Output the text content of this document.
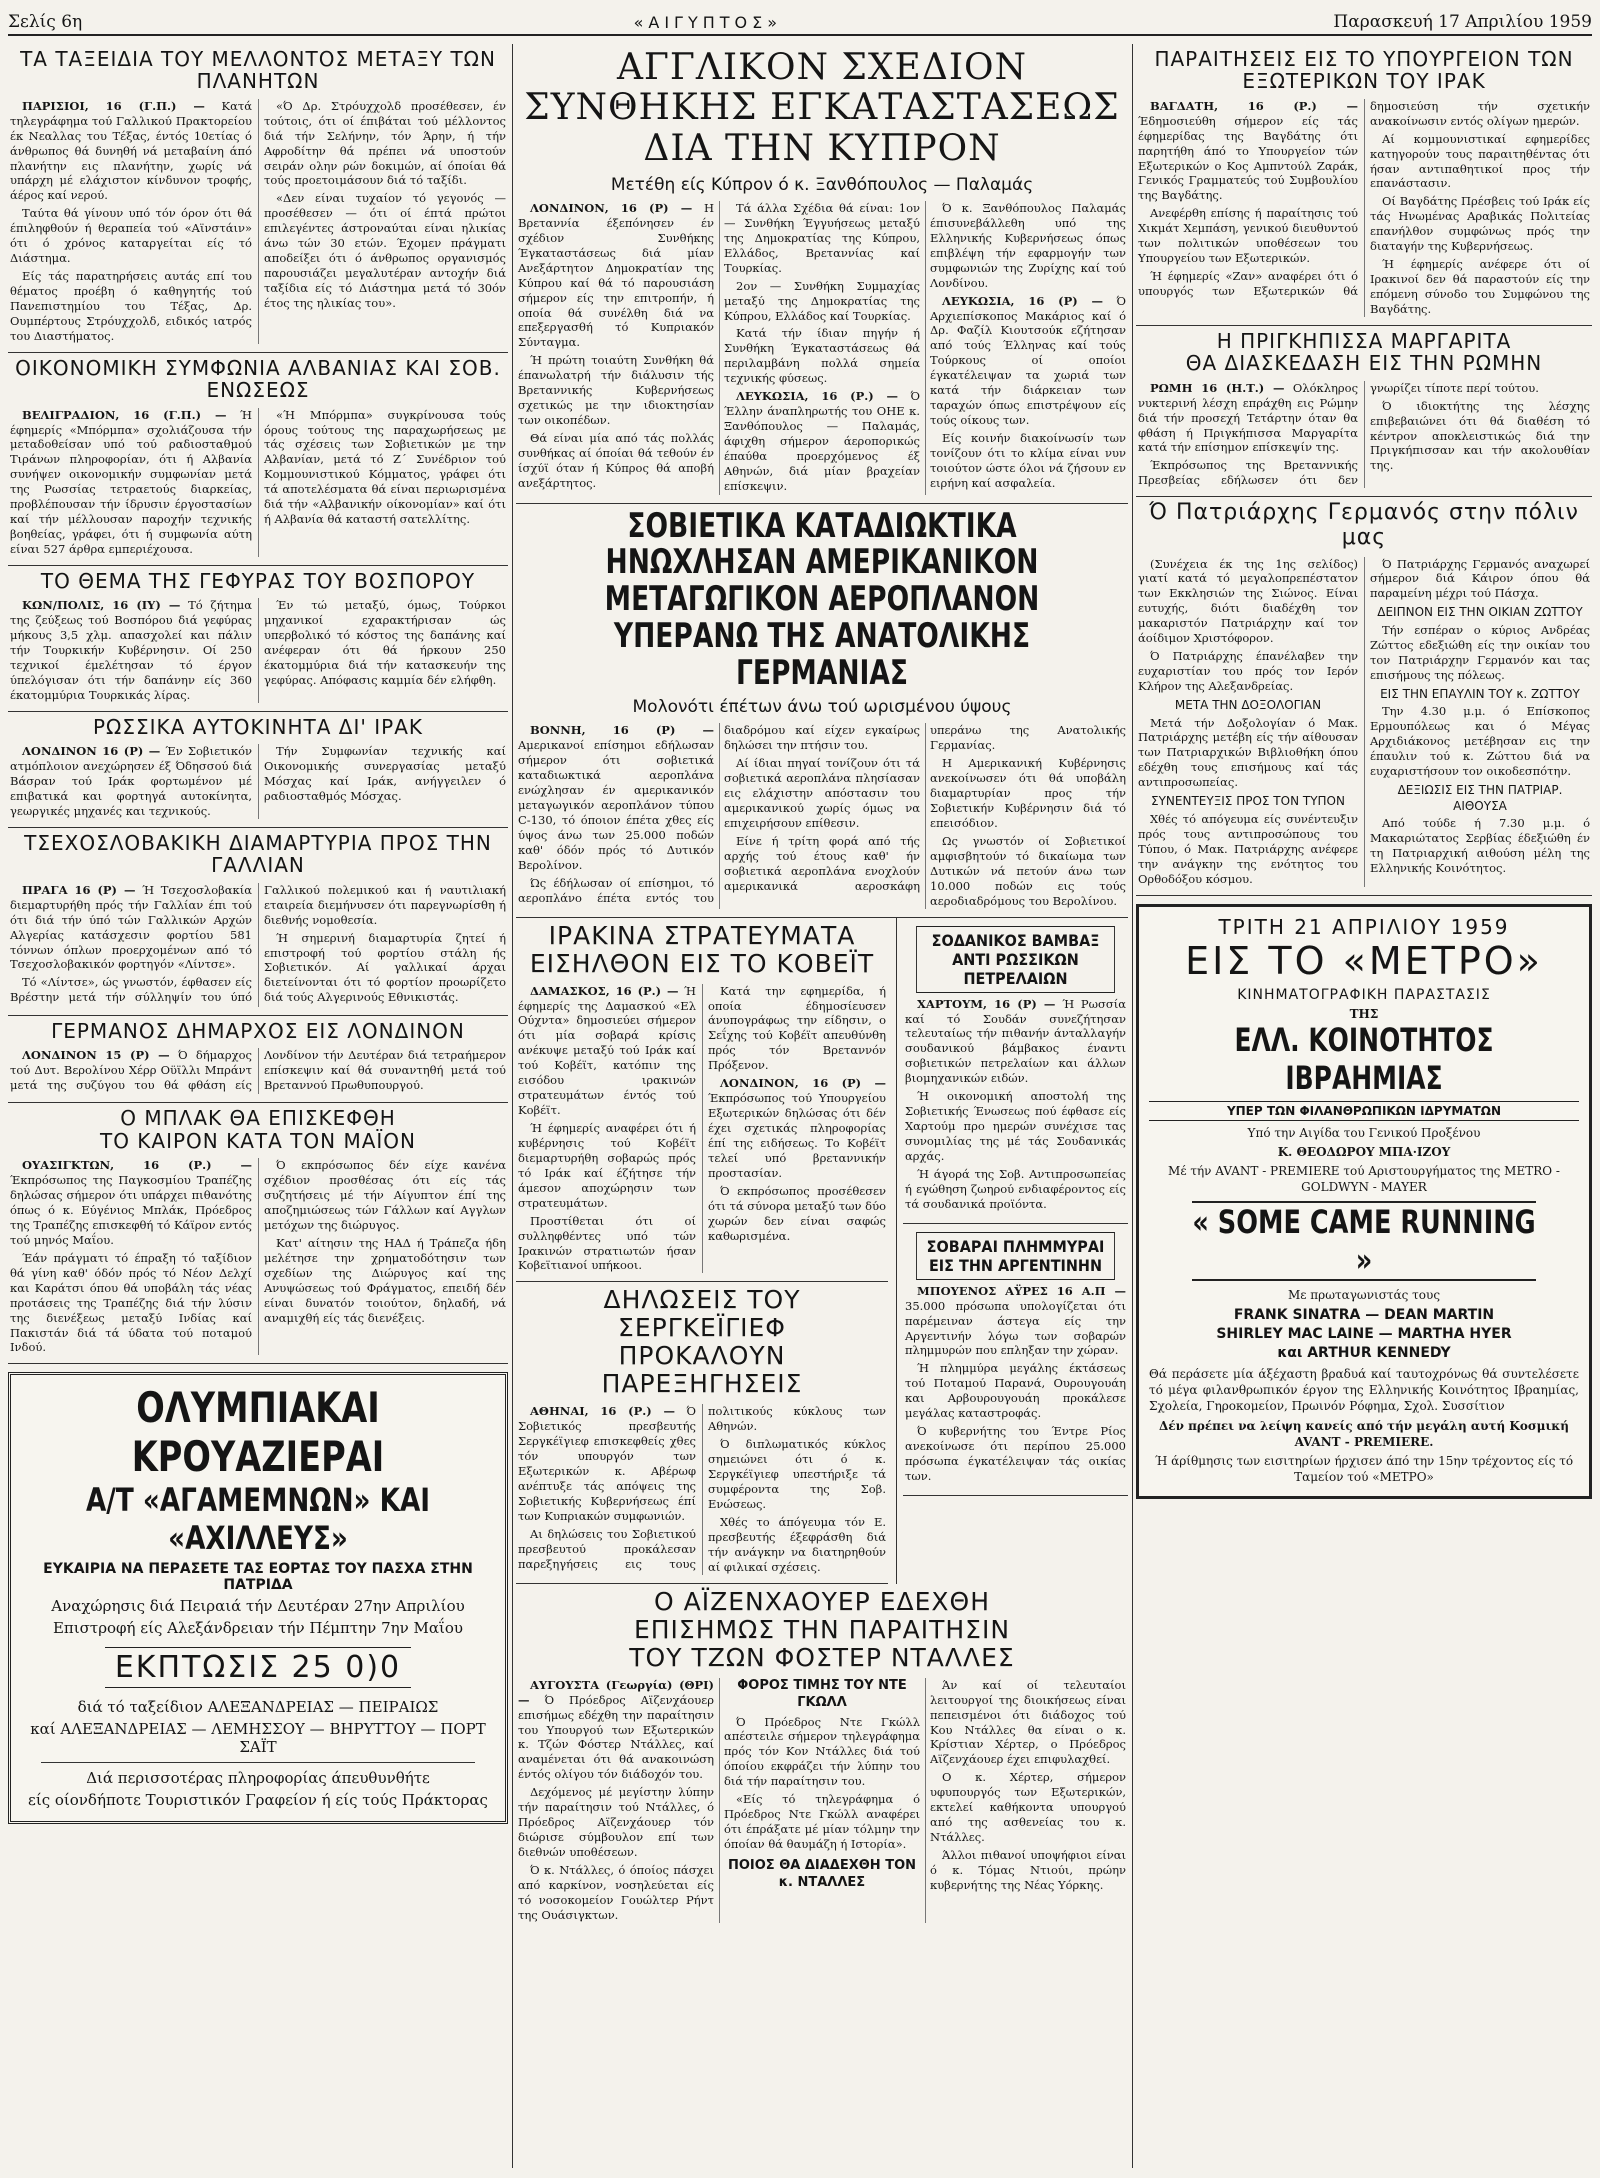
Σελίς 6η	«ΑΙΓΥΠΤΟΣ»	Παρασκευή 17 Απριλίου 1959
ΤΑ ΤΑΞΕΙΔΙΑ ΤΟΥ ΜΕΛΛΟΝΤΟΣ ΜΕΤΑΞΥ ΤΩΝ ΠΛΑΝΗΤΩΝ

ΠΑΡΙΣΙΟΙ, 16 (Γ.Π.) — Κατά τηλεγράφημα τού Γαλλικού Πρακτορείου έκ Νεαλλας του Τέξας, έντός 10ετίας ό άνθρωπος θά δυνηθή νά μεταβαίνη άπό πλανήτην εις πλανήτην, χωρίς νά υπάρχη μέ ελάχιστον κίνδυνον τροφής, άέρος καί νερού.

Ταύτα θά γίνουν υπό τόν όρον ότι θά έπιληφθούν ή θεραπεία τού «Αϊνστάιν» ότι ό χρόνος καταργείται είς τό Διάστημα.

Είς τάς παρατηρήσεις αυτάς επί του θέματος προέβη ό καθηγητής τού Πανεπιστημίου του Τέξας, Δρ. Ουμπέρτους Στρόυχχολδ, ειδικός ιατρός του Διαστήματος.

«Ό Δρ. Στρόυχχολδ προσέθεσεν, έν τούτοις, ότι οί έπιβάται τού μέλλοντος διά τήν Σελήνην, τόν Άρην, ή τήν Αφροδίτην θά πρέπει νά υποστούν σειράν ολην ρών δοκιμών, αί όποίαι θά τούς προετοιμάσουν διά τό ταξίδι.

«Δεν είναι τυχαίον τό γεγονός — προσέθεσεν — ότι οί έπτά πρώτοι επιλεγέντες άστροναύται είναι ηλικίας άνω τών 30 ετών. Έχομεν πράγματι αποδείξει ότι ό άνθρωπος οργανισμός παρουσιάζει μεγαλυτέραν αντοχήν διά ταξίδια είς τό Διάστημα μετά τό 30όν έτος της ηλικίας του».

ΟΙΚΟΝΟΜΙΚΗ ΣΥΜΦΩΝΙΑ ΑΛΒΑΝΙΑΣ ΚΑΙ ΣΟΒ. ΕΝΩΣΕΩΣ

ΒΕΛΙΓΡΑΔΙΟΝ, 16 (Γ.Π.) — Ή έφημερίς «Μπόρμπα» σχολιάζουσα τήν μεταδοθείσαν υπό τού ραδιοσταθμού Τιράνων πληροφορίαν, ότι ή Αλβανία συνήψεν οικονομικήν συμφωνίαν μετά της Ρωσσίας τετραετούς διαρκείας, προβλέπουσαν τήν ίδρυσιν έργοστασίων καί τήν μέλλουσαν παροχήν τεχνικής βοηθείας, γράφει, ότι ή συμφωνία αύτη είναι 527 άρθρα εμπεριέχουσα.

«Ή Μπόρμπα» συγκρίνουσα τούς όρους τούτους της παραχωρήσεως με τάς σχέσεις των Σοβιετικών με την Αλβανίαν, μετά τό Ζ΄ Συνέδριον τού Κομμουνιστικού Κόμματος, γράφει ότι τά αποτελέσματα θά είναι περιωρισμένα διά τήν «Αλβανικήν οίκονομίαν» καί ότι ή Αλβανία θά καταστή σατελλίτης.

ΤΟ ΘΕΜΑ ΤΗΣ ΓΕΦΥΡΑΣ ΤΟΥ ΒΟΣΠΟΡΟΥ

ΚΩΝ/ΠΟΛΙΣ, 16 (ΙΥ) — Τό ζήτημα της ζεύξεως τού Βοσπόρου διά γεφύρας μήκους 3,5 χλμ. απασχολεί και πάλιν τήν Τουρκικήν Κυβέρνησιν. Οί 250 τεχνικοί έμελέτησαν τό έργον ύπελόγισαν ότι τήν δαπάνην είς 360 έκατομμύρια Τουρκικάς λίρας.

Έν τώ μεταξύ, όμως, Τούρκοι μηχανικοί εχαρακτήρισαν ώς υπερβολικό τό κόστος της δαπάνης καί ανέφεραν ότι θά ήρκουν 250 έκατομμύρια διά τήν κατασκευήν της γεφύρας. Απόφασις καμμία δέν ελήφθη.

ΡΩΣΣΙΚΑ ΑΥΤΟΚΙΝΗΤΑ ΔΙ' ΙΡΑΚ

ΛΟΝΔΙΝΟΝ 16 (Ρ) — Έν Σοβιετικόν ατμόπλοιον ανεχώρησεν έξ Όδησσού διά Βάσραν τού Ιράκ φορτωμένον μέ επιβατικά και φορτηγά αυτοκίνητα, γεωργικές μηχανές και τεχνικούς.

Τήν Συμφωνίαν τεχνικής καί Οικονομικής συνεργασίας μεταξύ Μόσχας καί Ιράκ, ανήγγειλεν ό ραδιοσταθμός Μόσχας.

ΤΣΕΧΟΣΛΟΒΑΚΙΚΗ ΔΙΑΜΑΡΤΥΡΙΑ ΠΡΟΣ ΤΗΝ ΓΑΛΛΙΑΝ

ΠΡΑΓΑ 16 (Ρ) — Ή Τσεχοσλοβακία διεμαρτυρήθη πρός τήν Γαλλίαν έπι τού ότι διά τήν ύπό τών Γαλλικών Αρχών Αλγερίας κατάσχεσιν φορτίου 581 τόννων όπλων προερχομένων από τό Τσεχοσλοβακικόν φορτηγόν «Λίντσε».

Τό «Λίντσε», ώς γνωστόν, έφθασεν είς Βρέστην μετά τήν σύλληψίν του ύπό Γαλλικού πολεμικού και ή ναυτιλιακή εταιρεία διεμήνυσεν ότι παρεγνωρίσθη ή διεθνής νομοθεσία.

Ή σημερινή διαμαρτυρία ζητεί ή επιστροφή τού φορτίου στάλη ής Σοβιετικόν. Αί γαλλικαί άρχαι διετείνονται ότι τό φορτίον προωρίζετο διά τούς Αλγερινούς Εθνικιστάς.

ΓΕΡΜΑΝΟΣ ΔΗΜΑΡΧΟΣ ΕΙΣ ΛΟΝΔΙΝΟΝ

ΛΟΝΔΙΝΟΝ 15 (Ρ) — Ό δήμαρχος τού Δυτ. Βερολίνου Χέρρ Οϋϊλλι Μπράντ μετά της συζύγου του θά φθάση είς Λονδίνον τήν Δευτέραν διά τετραήμερον επίσκεψιν καί θά συναντηθή μετά τού Βρεταννού Πρωθυπουργού.

Ο ΜΠΛΑΚ ΘΑ ΕΠΙΣΚΕΦΘΗ
ΤΟ ΚΑΙΡΟΝ ΚΑΤΑ ΤΟΝ ΜΑΪΟΝ

ΟΥΑΣΙΓΚΤΩΝ, 16 (Ρ.) — Έκπρόσωπος της Παγκοσμίου Τραπέζης δηλώσας σήμερον ότι υπάρχει πιθανότης όπως ό κ. Εύγένιος Μπλάκ, Πρόεδρος της Τραπέζης επισκεφθή τό Κάϊρον εντός τού μηνός Μαΐου.

Έάν πράγματι τό έπραξη τό ταξίδιον θά γίνη καθ' όδόν πρός τό Νέον Δελχί και Καράτσι όπου θά υποβάλη τάς νέας προτάσεις της Τραπέζης διά τήν λύσιν της διενέξεως μεταξύ Ινδίας καί Πακιστάν διά τά ύδατα τού ποταμού Ινδού.

Ό εκπρόσωπος δέν είχε κανένα σχέδιον προσθέσας ότι είς τάς συζητήσεις μέ τήν Αίγυπτον έπί της αποζημιώσεως τών Γάλλων καί Αγγλων μετόχων της διώρυγος.

Κατ' αίτησιν της ΗΑΔ ή Τράπεζα ήδη μελέτησε την χρηματοδότησιν των σχεδίων της Διώρυγος καί της Ανυψώσεως τού Φράγματος, επειδή δέν είναι δυνατόν τοιούτον, δηλαδή, νά αναμιχθή είς τάς διενέξεις.

ΟΛΥΜΠΙΑΚΑΙ ΚΡΟΥΑΖΙΕΡΑΙ
Α/Τ «ΑΓΑΜΕΜΝΩΝ» ΚΑΙ «ΑΧΙΛΛΕΥΣ»
ΕΥΚΑΙΡΙΑ ΝΑ ΠΕΡΑΣΕΤΕ ΤΑΣ ΕΟΡΤΑΣ ΤΟΥ ΠΑΣΧΑ ΣΤΗΝ ΠΑΤΡΙΔΑ
Αναχώρησις διά Πειραιά τήν Δευτέραν 27ην Απριλίου
Επιστροφή είς Αλεξάνδρειαν τήν Πέμπτην 7ην Μαΐου
ΕΚΠΤΩΣΙΣ 25 0)0
διά τό ταξείδιον ΑΛΕΞΑΝΔΡΕΙΑΣ — ΠΕΙΡΑΙΩΣ
καί ΑΛΕΞΑΝΔΡΕΙΑΣ — ΛΕΜΗΣΣΟΥ — ΒΗΡΥΤΤΟΥ — ΠΟΡΤ ΣΑΪΤ
Διά περισσοτέρας πληροφορίας άπευθυνθήτε
είς οίονδήποτε Τουριστικόν Γραφείον ή είς τούς Πράκτορας
ΑΓΓΛΙΚΟΝ ΣΧΕΔΙΟΝ ΣΥΝΘΗΚΗΣ ΕΓΚΑΤΑΣΤΑΣΕΩΣ ΔΙΑ ΤΗΝ ΚΥΠΡΟΝ
Μετέθη είς Κύπρον ό κ. Ξανθόπουλος — Παλαμάς

ΛΟΝΔΙΝΟΝ, 16 (Ρ) — Η Βρεταννία έξεπόνησεν έν σχέδιον Συνθήκης Έγκαταστάσεως διά μίαν Ανεξάρτητον Δημοκρατίαν της Κύπρου καί θά τό παρουσιάση σήμερον είς την επιτροπήν, ή οποία θά συνέλθη διά να επεξεργασθή τό Κυπριακόν Σύνταγμα.

Ή πρώτη τοιαύτη Συνθήκη θά έπανωλατρή τήν διάλυσιν τής Βρεταννικής Κυβερνήσεως σχετικώς με την ιδιοκτησίαν των οικοπέδων.

Θά είναι μία από τάς πολλάς συνθήκας αί όποίαι θά τεθούν έν ίσχύϊ όταν ή Κύπρος θά αποβή ανεξάρτητος.

Τά άλλα Σχέδια θά είναι: 1ον — Συνθήκη Έγγυήσεως μεταξύ της Δημοκρατίας της Κύπρου, Ελλάδος, Βρεταννίας καί Τουρκίας.

2ον — Συνθήκη Συμμαχίας μεταξύ της Δημοκρατίας της Κύπρου, Ελλάδος καί Τουρκίας.

Κατά τήν ίδιαν πηγήν ή Συνθήκη Έγκαταστάσεως θά περιλαμβάνη πολλά σημεία τεχνικής φύσεως.

ΛΕΥΚΩΣΙΑ, 16 (Ρ.) — Ό Έλλην άναπληρωτής του ΟΗΕ κ. Ξανθόπουλος — Παλαμάς, άφιχθη σήμερον άεροπορικώς έπαύθα προερχόμενος έξ Αθηνών, διά μίαν βραχείαν επίσκεψιν.

Ό κ. Ξανθόπουλος Παλαμάς έπισυνεβάλλεθη υπό της Ελληνικής Κυβερνήσεως όπως επιβλέψη τήν εφαρμογήν των συμφωνιών της Ζυρίχης καί τού Λονδίνου.

ΛΕΥΚΩΣΙΑ, 16 (Ρ) — Ό Αρχιεπίσκοπος Μακάριος καί ό Δρ. Φαζίλ Κιουτσούκ εζήτησαν από τούς Έλληνας καί τούς Τούρκους οί οποίοι έγκατέλειψαν τα χωριά των κατά τήν διάρκειαν των ταραχών όπως επιστρέψουν είς τούς οίκους των.

Είς κοινήν διακοίνωσίν των τονίζουν ότι το κλίμα είναι νυν τοιούτον ώστε όλοι νά ζήσουν εν ειρήνη καί ασφαλεία.

ΣΟΒΙΕΤΙΚΑ ΚΑΤΑΔΙΩΚΤΙΚΑ ΗΝΩΧΛΗΣΑΝ ΑΜΕΡΙΚΑΝΙΚΟΝ ΜΕΤΑΓΩΓΙΚΟΝ ΑΕΡΟΠΛΑΝΟΝ ΥΠΕΡΑΝΩ ΤΗΣ ΑΝΑΤΟΛΙΚΗΣ ΓΕΡΜΑΝΙΑΣ
Μολονότι έπέτων άνω τού ωρισμένου ύψους

ΒΟΝΝΗ, 16 (Ρ) — Αμερικανοί επίσημοι εδήλωσαν σήμερον ότι σοβιετικά καταδιωκτικά αεροπλάνα ενώχλησαν έν αμερικανικόν μεταγωγικόν αεροπλάνον τύπου C-130, τό όποιον έπέτα χθες είς ύψος άνω των 25.000 ποδών καθ' όδόν πρός τό Δυτικόν Βερολίνον.

Ώς έδήλωσαν οί επίσημοι, τό αεροπλάνο έπέτα εντός του διαδρόμου καί είχεν εγκαίρως δηλώσει την πτήσιν του.

Αί ίδιαι πηγαί τονίζουν ότι τά σοβιετικά αεροπλάνα πλησίασαν εις ελάχιστην απόστασιν του αμερικανικού χωρίς όμως να επιχειρήσουν επίθεσιν.

Είνε ή τρίτη φορά από τής αρχής τού έτους καθ' ήν σοβιετικά αεροπλάνα ενοχλούν αμερικανικά αεροσκάφη υπεράνω της Ανατολικής Γερμανίας.

Η Αμερικανική Κυβέρνησις ανεκοίνωσεν ότι θά υποβάλη διαμαρτυρίαν προς τήν Σοβιετικήν Κυβέρνησιν διά τό επεισόδιον.

Ως γνωστόν οί Σοβιετικοί αμφισβητούν τό δικαίωμα των Δυτικών νά πετούν άνω των 10.000 ποδών εις τούς αεροδιαδρόμους του Βερολίνου.

ΙΡΑΚΙΝΑ ΣΤΡΑΤΕΥΜΑΤΑ
ΕΙΣΗΛΘΟΝ ΕΙΣ ΤΟ ΚΟΒΕΪΤ

ΔΑΜΑΣΚΟΣ, 16 (Ρ.) — Ή έφημερίς της Δαμασκού «Ελ Ούχντα» δημοσιεύει σήμερον ότι μία σοβαρά κρίσις ανέκυψε μεταξύ τού Ιράκ καί τού Κοβέϊτ, κατόπιν της εισόδου ιρακινών στρατευμάτων έντός τού Κοβέϊτ.

Ή έφημερίς αναφέρει ότι ή κυβέρνησις τού Κοβέϊτ διεμαρτυρήθη σοβαρώς πρός τό Ιράκ καί έζήτησε τήν άμεσον αποχώρησιν των στρατευμάτων.

Προστίθεται ότι οί συλληφθέντες υπό τών Ιρακινών στρατιωτών ήσαν Κοβεϊτιανοί υπήκοοι.

Κατά την εφημερίδα, ή οποία έδημοσίευσεν άνυπογράφως την είδησιν, ο Σεΐχης τού Κοβέϊτ απευθύνθη πρός τόν Βρεταννόν Πρόξενον.

ΛΟΝΔΙΝΟΝ, 16 (Ρ) — Έκπρόσωπος τού Υπουργείου Εξωτερικών δηλώσας ότι δέν έχει σχετικάς πληροφορίας έπί της ειδήσεως. Το Κοβέϊτ τελεί υπό βρεταννικήν προστασίαν.

Ό εκπρόσωπος προσέθεσεν ότι τά σύνορα μεταξύ των δύο χωρών δεν είναι σαφώς καθωρισμένα.

ΔΗΛΩΣΕΙΣ ΤΟΥ ΣΕΡΓΚΕΪΓΙΕΦ
ΠΡΟΚΑΛΟΥΝ ΠΑΡΕΞΗΓΗΣΕΙΣ

ΑΘΗΝΑΙ, 16 (Ρ.) — Ό Σοβιετικός πρεσβευτής Σεργκέϊγιεφ επισκεφθείς χθες τόν υπουργόν των Εξωτερικών κ. Αβέρωφ ανέπτυξε τάς απόψεις της Σοβιετικής Κυβερνήσεως έπί των Κυπριακών συμφωνιών.

Αι δηλώσεις του Σοβιετικού πρεσβευτού προκάλεσαν παρεξηγήσεις εις τους πολιτικούς κύκλους των Αθηνών.

Ό διπλωματικός κύκλος σημειώνει ότι ό κ. Σεργκέϊγιεφ υπεστήριξε τά συμφέροντα της Σοβ. Ενώσεως.

Χθές το άπόγευμα τόν Ε. πρεσβευτής έξεφράσθη διά τήν ανάγκην να διατηρηθούν αί φιλικαί σχέσεις.

ΣΟΔΑΝΙΚΟΣ ΒΑΜΒΑΞ ΑΝΤΙ ΡΩΣΣΙΚΩΝ ΠΕΤΡΕΛΑΙΩΝ

ΧΑΡΤΟΥΜ, 16 (Ρ) — Ή Ρωσσία καί τό Σουδάν συνεζήτησαν τελευταίως τήν πιθανήν άνταλλαγήν σουδανικού βάμβακος έναντι σοβιετικών πετρελαίων και άλλων βιομηχανικών ειδών.

Ή οικονομική αποστολή της Σοβιετικής Ένωσεως πού έφθασε είς Χαρτούμ προ ημερών συνέχισε τας συνομιλίας της μέ τάς Σουδανικάς αρχάς.

Ή άγορά της Σοβ. Αντιπροσωπείας ή εγώθηση ζωηρού ενδιαφέροντος είς τά σουδανικά προϊόντα.

ΣΟΒΑΡΑΙ ΠΛΗΜΜΥΡΑΙ ΕΙΣ ΤΗΝ ΑΡΓΕΝΤΙΝΗΝ

ΜΠΟΥΕΝΟΣ ΑΫΡΕΣ 16 Α.Π — 35.000 πρόσωπα υπολογίζεται ότι παρέμειναν άστεγα είς την Αργεντινήν λόγω των σοβαρών πλημμυρών που επληξαν την χώραν.

Ή πλημμύρα μεγάλης έκτάσεως τού Ποταμού Παρανά, Ουρουγουάη και Αρβουρουγουάη προκάλεσε μεγάλας καταστροφάς.

Ό κυβερνήτης του Έντρε Ρίος ανεκοίνωσε ότι περίπου 25.000 πρόσωπα έγκατέλειψαν τάς οικίας των.

Ο ΑΪΖΕΝΧΑΟΥΕΡ ΕΔΕΧΘΗ
ΕΠΙΣΗΜΩΣ ΤΗΝ ΠΑΡΑΙΤΗΣΙΝ
ΤΟΥ ΤΖΩΝ ΦΟΣΤΕΡ ΝΤΑΛΛΕΣ

ΑΥΓΟΥΣΤΑ (Γεωργία) (ΘΡΙ) — Ό Πρόεδρος Αϊζενχάουερ επισήμως εδέχθη την παραίτησιν του Υπουργού των Εξωτερικών κ. Τζών Φόστερ Ντάλλες, καί αναμένεται ότι θά ανακοινώση έντός ολίγου τόν διάδοχόν του.

Δεχόμενος μέ μεγίστην λύπην τήν παραίτησιν τού Ντάλλες, ό Πρόεδρος Αϊζενχάουερ τόν διώρισε σύμβουλον επί των διεθνών υποθέσεων.

Ό κ. Ντάλλες, ό όποίος πάσχει από καρκίνον, νοσηλεύεται είς τό νοσοκομείον Γουώλτερ Ρήντ της Ουάσιγκτων.

ΦΟΡΟΣ ΤΙΜΗΣ ΤΟΥ ΝΤΕ ΓΚΩΛΛ

Ό Πρόεδρος Ντε Γκώλλ απέστειλε σήμερον τηλεγράφημα πρός τόν Κον Ντάλλες διά τού όποίου εκφράζει τήν λύπην του διά τήν παραίτησιν του.

«Είς τό τηλεγράφημα ό Πρόεδρος Ντε Γκώλλ αναφέρει ότι έπράξατε μέ μίαν τόλμην την όποίαν θά θαυμάζη ή Ιστορία».

ΠΟΙΟΣ ΘΑ ΔΙΑΔΕΧΘΗ ΤΟΝ κ. ΝΤΑΛΛΕΣ

Άν καί οί τελευταίοι λειτουργοί της διοικήσεως είναι πεπεισμένοι ότι διάδοχος τού Κου Ντάλλες θα είναι ο κ. Κρίστιαν Χέρτερ, ο Πρόεδρος Αϊζενχάουερ έχει επιφυλαχθεί.

Ο κ. Χέρτερ, σήμερον υφυπουργός των Εξωτερικών, εκτελεί καθήκοντα υπουργού από της ασθενείας του κ. Ντάλλες.

Άλλοι πιθανοί υποψήφιοι είναι ό κ. Τόμας Ντιούι, πρώην κυβερνήτης της Νέας Υόρκης.

ΠΑΡΑΙΤΗΣΕΙΣ ΕΙΣ ΤΟ ΥΠΟΥΡΓΕΙΟΝ ΤΩΝ ΕΞΩΤΕΡΙΚΩΝ ΤΟΥ ΙΡΑΚ

ΒΑΓΔΑΤΗ, 16 (Ρ.) — Έδημοσιεύθη σήμερον είς τάς έφημερίδας της Βαγδάτης ότι παρητήθη άπό το Υπουργείον τών Εξωτερικών ο Κος Αμπντούλ Ζαράκ, Γενικός Γραμματεύς τού Συμβουλίου της Βαγδάτης.

Ανεφέρθη επίσης ή παραίτησις τού Χικμάτ Χεμπάση, γενικού διευθυντού των πολιτικών υποθέσεων του Υπουργείου των Εξωτερικών.

Ή έφημερίς «Ζαν» αναφέρει ότι ό υπουργός των Εξωτερικών θά δημοσιεύση τήν σχετικήν ανακοίνωσιν εντός ολίγων ημερών.

Αί κομμουνιστικαί εφημερίδες κατηγορούν τους παραιτηθέντας ότι ήσαν αντιπαθητικοί προς τήν επανάστασιν.

Οί Βαγδάτης Πρέσβεις τού Ιράκ είς τάς Ηνωμένας Αραβικάς Πολιτείας επανήλθον συμφώνως πρός την διαταγήν της Κυβερνήσεως.

Ή έφημερίς ανέφερε ότι οί Ιρακινοί δεν θά παραστούν είς την επόμενη σύνοδο του Συμφώνου της Βαγδάτης.

Η ΠΡΙΓΚΗΠΙΣΣΑ ΜΑΡΓΑΡΙΤΑ
ΘΑ ΔΙΑΣΚΕΔΑΣΗ ΕΙΣ ΤΗΝ ΡΩΜΗΝ

ΡΩΜΗ 16 (Η.Τ.) — Ολόκληρος νυκτερινή λέσχη επράχθη εις Ρώμην διά τήν προσεχή Τετάρτην όταν θα φθάση ή Πριγκήπισσα Μαργαρίτα κατά τήν επίσημον επίσκεψίν της.

Έκπρόσωπος της Βρεταννικής Πρεσβείας εδήλωσεν ότι δεν γνωρίζει τίποτε περί τούτου.

Ό ιδιοκτήτης της λέσχης επιβεβαιώνει ότι θά διαθέση τό κέντρον αποκλειστικώς διά την Πριγκήπισσαν και τήν ακολουθίαν της.

Ό Πατριάρχης Γερμανός στην πόλιν μας

(Συνέχεια έκ της 1ης σελίδος) γιατί κατά τό μεγαλοπρεπέστατον των Εκκλησιών της Σιώνος. Είναι ευτυχής, διότι διαδέχθη τον μακαριστόν Πατριάρχην καί τον άοίδιμον Χριστόφορον.

Ό Πατριάρχης έπανέλαβεν την ευχαριστίαν του πρός τον Ιερόν Κλήρον της Αλεξανδρείας.

ΜΕΤΑ ΤΗΝ ΔΟΞΟΛΟΓΙΑΝ

Μετά τήν Δοξολογίαν ό Μακ. Πατριάρχης μετέβη είς τήν αίθουσαν των Πατριαρχικών Βιβλιοθήκη όπου εδέχθη τους επισήμους καί τάς αντιπροσωπείας.

ΣΥΝΕΝΤΕΥΞΙΣ ΠΡΟΣ ΤΟΝ ΤΥΠΟΝ

Χθές τό απόγευμα είς συνέντευξιν πρός τους αντιπροσώπους του Τύπου, ό Μακ. Πατριάρχης ανέφερε την ανάγκην της ενότητος του Ορθοδόξου κόσμου.

Ό Πατριάρχης Γερμανός αναχωρεί σήμερον διά Κάιρον όπου θά παραμείνη μέχρι τού Πάσχα.

ΔΕΙΠΝΟΝ ΕΙΣ ΤΗΝ ΟΙΚΙΑΝ ΖΩΤΤΟΥ

Τήν εσπέραν ο κύριος Ανδρέας Ζώττος εδεξιώθη είς την οικίαν του τον Πατριάρχην Γερμανόν και τας επισήμους της πόλεως.

ΕΙΣ ΤΗΝ ΕΠΑΥΛΙΝ ΤΟΥ κ. ΖΩΤΤΟΥ

Την 4.30 μ.μ. ό Επίσκοπος Ερμουπόλεως και ό Μέγας Αρχιδιάκονος μετέβησαν εις την έπαυλιν τού κ. Ζώττου διά να ευχαριστήσουν τον οικοδεσπότην.

ΔΕΞΙΩΣΙΣ ΕΙΣ ΤΗΝ ΠΑΤΡΙΑΡ. ΑΙΘΟΥΣΑ

Από τούδε ή 7.30 μ.μ. ό Μακαριώτατος Σερβίας έδεξιώθη έν τη Πατριαρχική αιθούση μέλη της Ελληνικής Κοινότητος.

ΤΡΙΤΗ 21 ΑΠΡΙΛΙΟΥ 1959
ΕΙΣ ΤΟ «ΜΕΤΡΟ»
ΚΙΝΗΜΑΤΟΓΡΑΦΙΚΗ ΠΑΡΑΣΤΑΣΙΣ
ΤΗΣ
ΕΛΛ. ΚΟΙΝΟΤΗΤΟΣ ΙΒΡΑΗΜΙΑΣ
ΥΠΕΡ ΤΩΝ ΦΙΛΑΝΘΡΩΠΙΚΩΝ ΙΔΡΥΜΑΤΩΝ
Υπό την Αιγίδα του Γενικού Προξένου
Κ. ΘΕΟΔΩΡΟΥ ΜΠΑ·ΙΖΟΥ
Μέ τήν AVANT - PREMIERE τού Αριστουργήματος της METRO - GOLDWYN - MAYER
« SOME CAME RUNNING »
Με πρωταγωνιστάς τους
FRANK SINATRA — DEAN MARTIN
SHIRLEY MAC LAINE — MARTHA HYER
και ARTHUR KENNEDY
Θά περάσετε μία άξέχαστη βραδυά καί ταυτοχρόνως θά συντελέσετε τό μέγα φιλανθρωπικόν έργον της Ελληνικής Κοινότητος Ιβραημίας, Σχολεία, Γηροκομείον, Πρωινόν Ρόφημα, Σχολ. Συσσίτιον
Δέν πρέπει να λείψη κανείς από τήν μεγάλη αυτή Κοσμική AVANT - PREMIERE.
Ή άρίθμησις των εισιτηρίων ήρχισεν άπό την 15ην τρέχοντος είς τό Ταμείον τού «ΜΕΤΡΟ»
